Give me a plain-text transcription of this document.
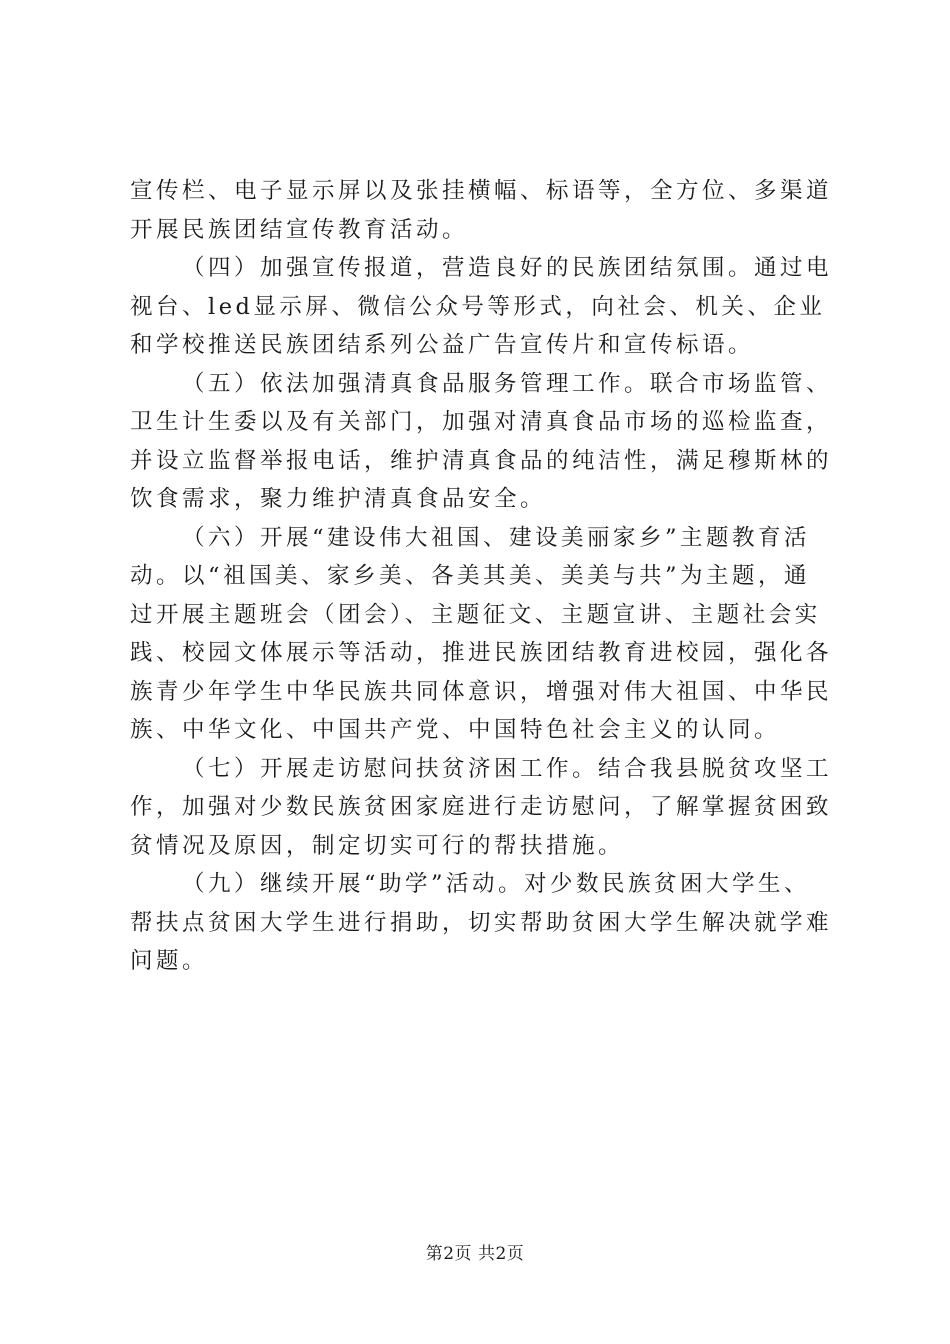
宣传栏、电子显示屏以及张挂横幅、标语等，全方位、多渠道
开展民族团结宣传教育活动。
（四）加强宣传报道，营造良好的民族团结氛围。通过电
视台、led显示屏、微信公众号等形式，向社会、机关、企业
和学校推送民族团结系列公益广告宣传片和宣传标语。
（五）依法加强清真食品服务管理工作。联合市场监管、
卫生计生委以及有关部门，加强对清真食品市场的巡检监查，
并设立监督举报电话，维护清真食品的纯洁性，满足穆斯林的
饮食需求，聚力维护清真食品安全。
（六）开展“建设伟大祖国、建设美丽家乡”主题教育活
动。以“祖国美、家乡美、各美其美、美美与共”为主题，通
过开展主题班会（团会）、主题征文、主题宣讲、主题社会实
践、校园文体展示等活动，推进民族团结教育进校园，强化各
族青少年学生中华民族共同体意识，增强对伟大祖国、中华民
族、中华文化、中国共产党、中国特色社会主义的认同。
（七）开展走访慰问扶贫济困工作。结合我县脱贫攻坚工
作，加强对少数民族贫困家庭进行走访慰问，了解掌握贫困致
贫情况及原因，制定切实可行的帮扶措施。
（九）继续开展“助学”活动。对少数民族贫困大学生、
帮扶点贫困大学生进行捐助，切实帮助贫困大学生解决就学难
问题。
第2页 共2页
